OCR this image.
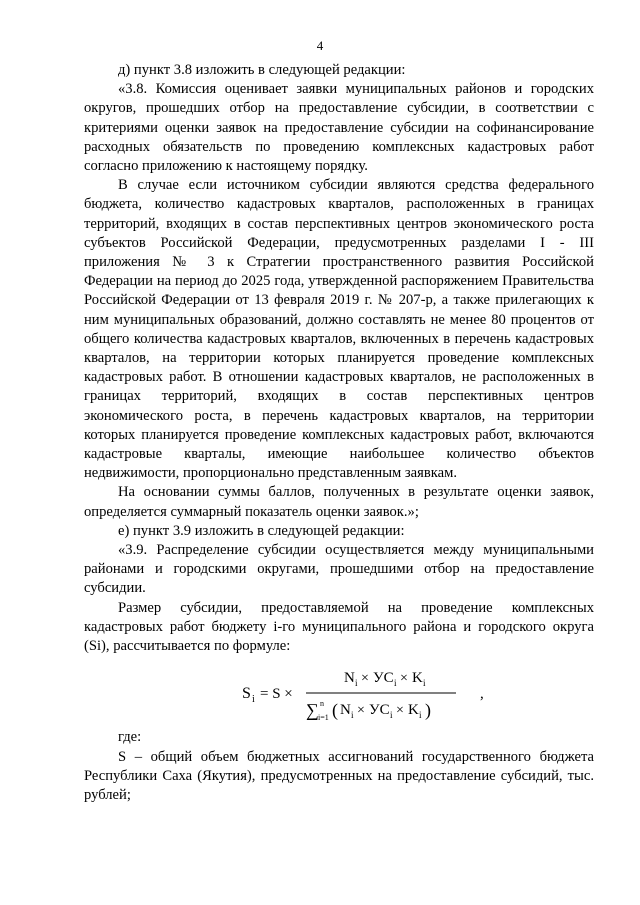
4

д) пункт 3.8 изложить в следующей редакции:

«3.8. Комиссия оценивает заявки муниципальных районов и городских округов, прошедших отбор на предоставление субсидии, в соответствии с критериями оценки заявок на предоставление субсидии на софинансирование расходных обязательств по проведению комплексных кадастровых работ согласно приложению к настоящему порядку.

В случае если источником субсидии являются средства федерального бюджета, количество кадастровых кварталов, расположенных в границах территорий, входящих в состав перспективных центров экономического роста субъектов Российской Федерации, предусмотренных разделами I - III приложения № 3 к Стратегии пространственного развития Российской Федерации на период до 2025 года, утвержденной распоряжением Правительства Российской Федерации от 13 февраля 2019 г. № 207-р, а также прилегающих к ним муниципальных образований, должно составлять не менее 80 процентов от общего количества кадастровых кварталов, включенных в перечень кадастровых кварталов, на территории которых планируется проведение комплексных кадастровых работ. В отношении кадастровых кварталов, не расположенных в границах территорий, входящих в состав перспективных центров экономического роста, в перечень кадастровых кварталов, на территории которых планируется проведение комплексных кадастровых работ, включаются кадастровые кварталы, имеющие наибольшее количество объектов недвижимости, пропорционально представленным заявкам.

На основании суммы баллов, полученных в результате оценки заявок, определяется суммарный показатель оценки заявок.»;

е) пункт 3.9 изложить в следующей редакции:

«3.9. Распределение субсидии осуществляется между муниципальными районами и городскими округами, прошедшими отбор на предоставление субсидии.

Размер субсидии, предоставляемой на проведение комплексных кадастровых работ бюджету i-го муниципального района и городского округа (Si), рассчитывается по формуле:

S i = S ×
N i × УС i × K i
∑ n
i=1 ( N i × УС i × K i )
,

где:

S – общий объем бюджетных ассигнований государственного бюджета Республики Саха (Якутия), предусмотренных на предоставление субсидий, тыс. рублей;
